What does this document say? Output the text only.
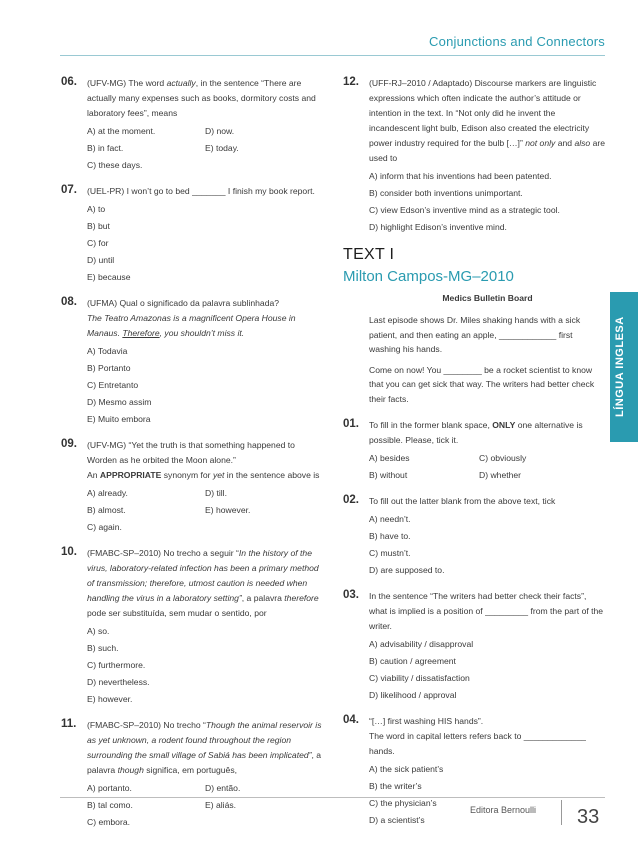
Conjunctions and Connectors
06. (UFV-MG) The word actually, in the sentence “There are actually many expenses such as books, dormitory costs and laboratory fees”, means

A) at the moment.	D) now.
B) in fact.	E) today.
C) these days.
07. (UEL-PR) I won’t go to bed _______ I finish my book report.

A) to
B) but
C) for
D) until
E) because
08. (UFMA) Qual o significado da palavra sublinhada?
The Teatro Amazonas is a magnificent Opera House in Manaus. Therefore, you shouldn’t miss it.

A) Todavia
B) Portanto
C) Entretanto
D) Mesmo assim
E) Muito embora
09. (UFV-MG) “Yet the truth is that something happened to Worden as he orbited the Moon alone.”
An APPROPRIATE synonym for yet in the sentence above is

A) already.	D) till.
B) almost.	E) however.
C) again.
10. (FMABC-SP–2010) No trecho a seguir “In the history of the virus, laboratory-related infection has been a primary method of transmission; therefore, utmost caution is needed when handling the virus in a laboratory setting”, a palavra therefore pode ser substituída, sem mudar o sentido, por

A) so.
B) such.
C) furthermore.
D) nevertheless.
E) however.
11. (FMABC-SP–2010) No trecho “Though the animal reservoir is as yet unknown, a rodent found throughout the region surrounding the small village of Sabiá has been implicated”, a palavra though significa, em português,

A) portanto.	D) então.
B) tal como.	E) aliás.
C) embora.
12. (UFF-RJ–2010 / Adaptado) Discourse markers are linguistic expressions which often indicate the author’s attitude or intention in the text. In “Not only did he invent the incandescent light bulb, Edison also created the electricity power industry required for the bulb […]” not only and also are used to

A) inform that his inventions had been patented.
B) consider both inventions unimportant.
C) view Edson’s inventive mind as a strategic tool.
D) highlight Edison’s inventive mind.
TEXT I
Milton Campos-MG–2010
Medics Bulletin Board
Last episode shows Dr. Miles shaking hands with a sick patient, and then eating an apple, ____________ first washing his hands.
Come on now! You ________ be a rocket scientist to know that you can get sick that way. The writers had better check their facts.
01. To fill in the former blank space, ONLY one alternative is possible. Please, tick it.

A) besides	C) obviously
B) without	D) whether
02. To fill out the latter blank from the above text, tick

A) needn’t.
B) have to.
C) mustn’t.
D) are supposed to.
03. In the sentence “The writers had better check their facts”, what is implied is a position of _________ from the part of the writer.

A) advisability / disapproval
B) caution / agreement
C) viability / dissatisfaction
D) likelihood / approval
04. “[…] first washing HIS hands”.
The word in capital letters refers back to _____________ hands.

A) the sick patient’s
B) the writer’s
C) the physician’s
D) a scientist’s
LÍNGUA INGLESA
Editora Bernoulli 33
